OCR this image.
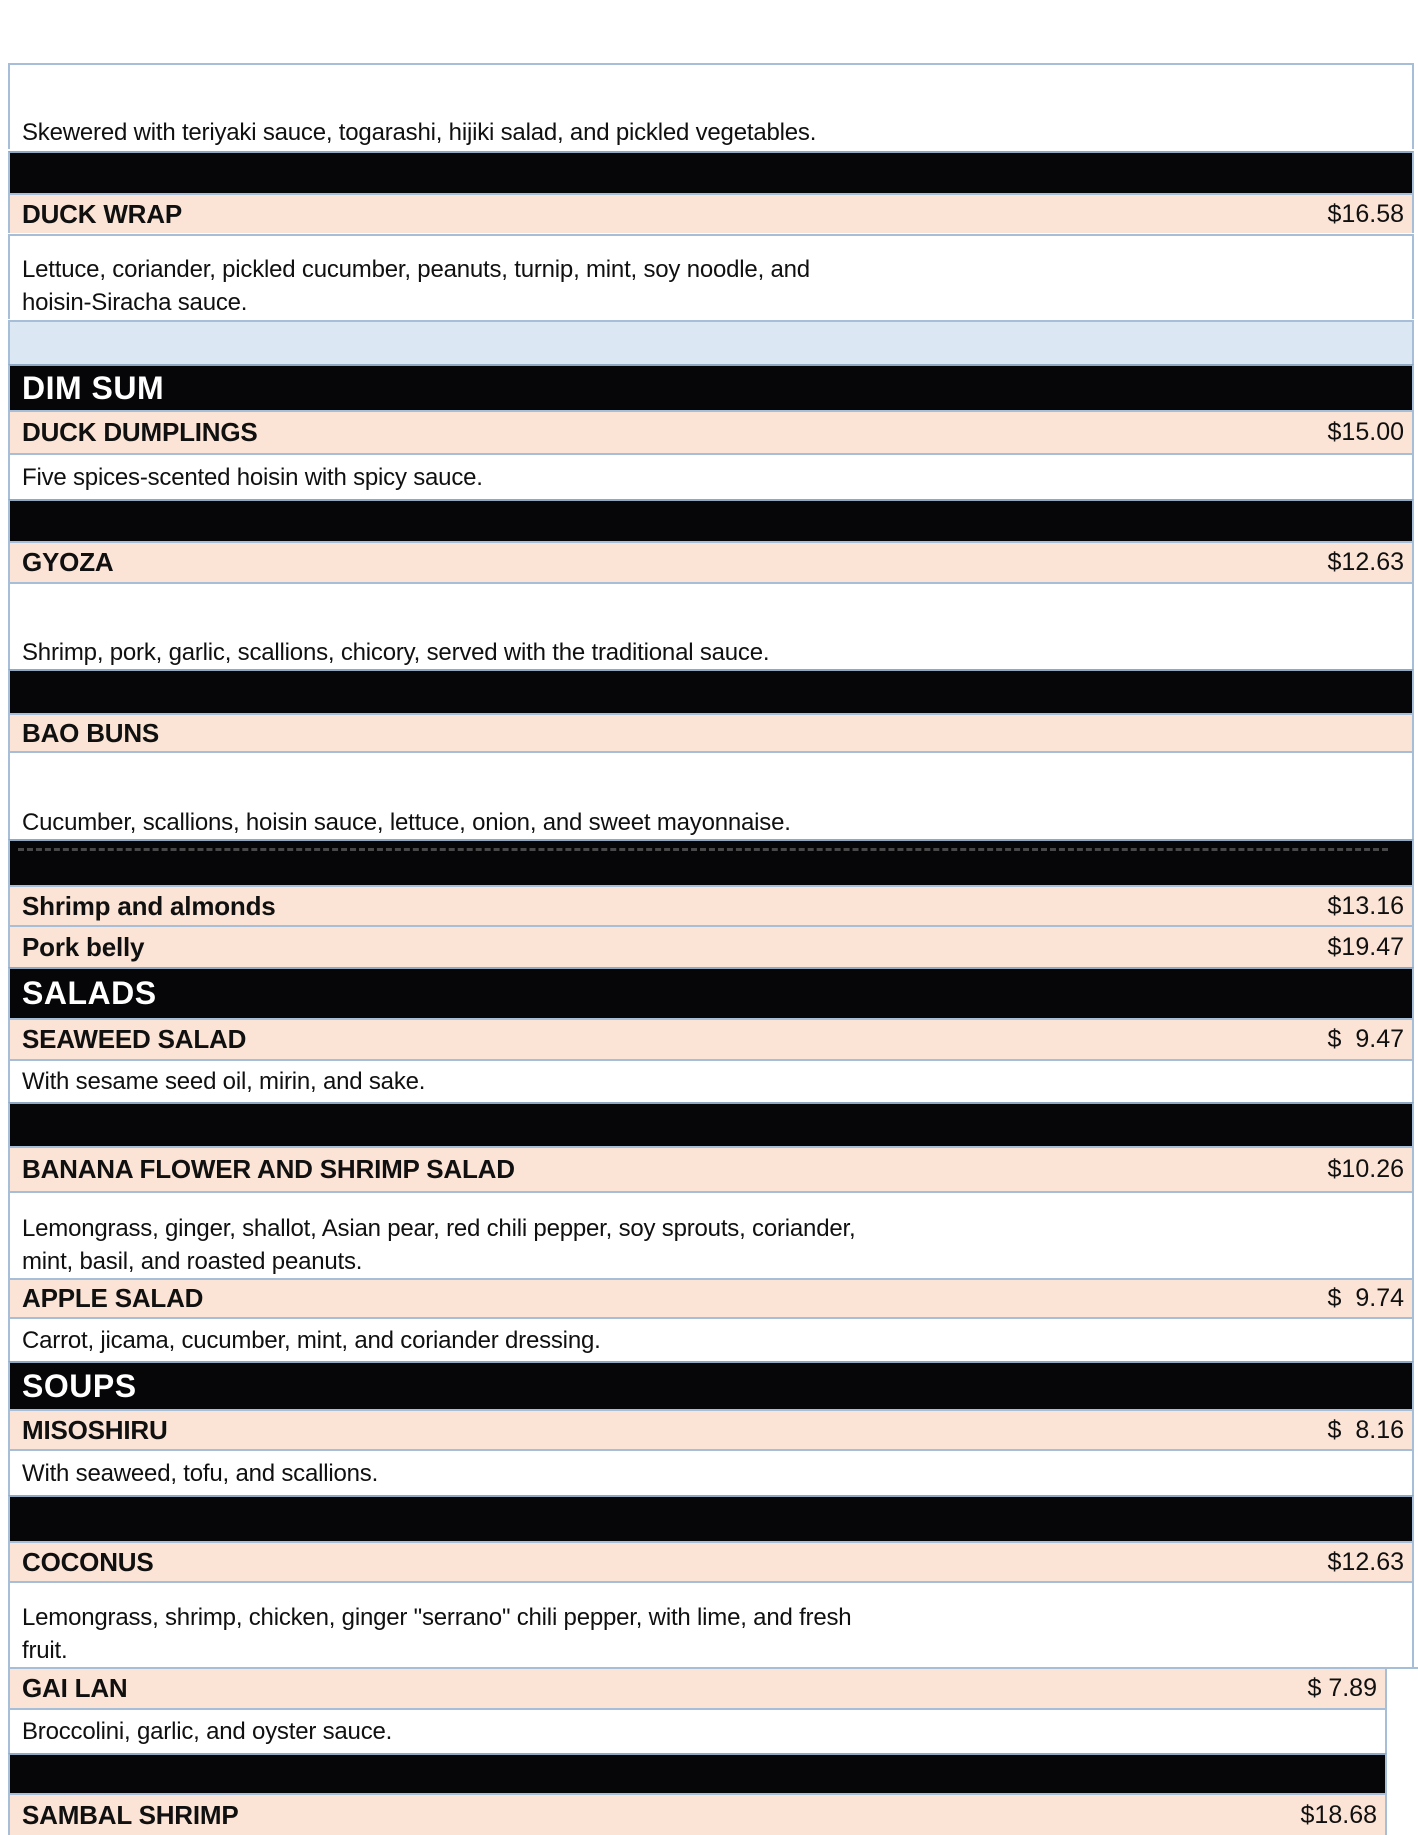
Skewered with teriyaki sauce, togarashi, hijiki salad, and pickled vegetables.
DUCK WRAP	$16.58
Lettuce, coriander, pickled cucumber, peanuts, turnip, mint, soy noodle, and
hoisin-Siracha sauce.
DIM SUM
DUCK DUMPLINGS	$15.00
Five spices-scented hoisin with spicy sauce.
GYOZA	$12.63
Shrimp, pork, garlic, scallions, chicory, served with the traditional sauce.
BAO BUNS
Cucumber, scallions, hoisin sauce, lettuce, onion, and sweet mayonnaise.
Shrimp and almonds	$13.16
Pork belly	$19.47
SALADS
SEAWEED SALAD	$  9.47
With sesame seed oil, mirin, and sake.
BANANA FLOWER AND SHRIMP SALAD	$10.26
Lemongrass, ginger, shallot, Asian pear, red chili pepper, soy sprouts, coriander,
mint, basil, and roasted peanuts.
APPLE SALAD	$  9.74
Carrot, jicama, cucumber, mint, and coriander dressing.
SOUPS
MISOSHIRU	$  8.16
With seaweed, tofu, and scallions.
COCONUS	$12.63
Lemongrass, shrimp, chicken, ginger "serrano" chili pepper, with lime, and fresh
fruit.
GAI LAN	$ 7.89
Broccolini, garlic, and oyster sauce.
SAMBAL SHRIMP	$18.68
